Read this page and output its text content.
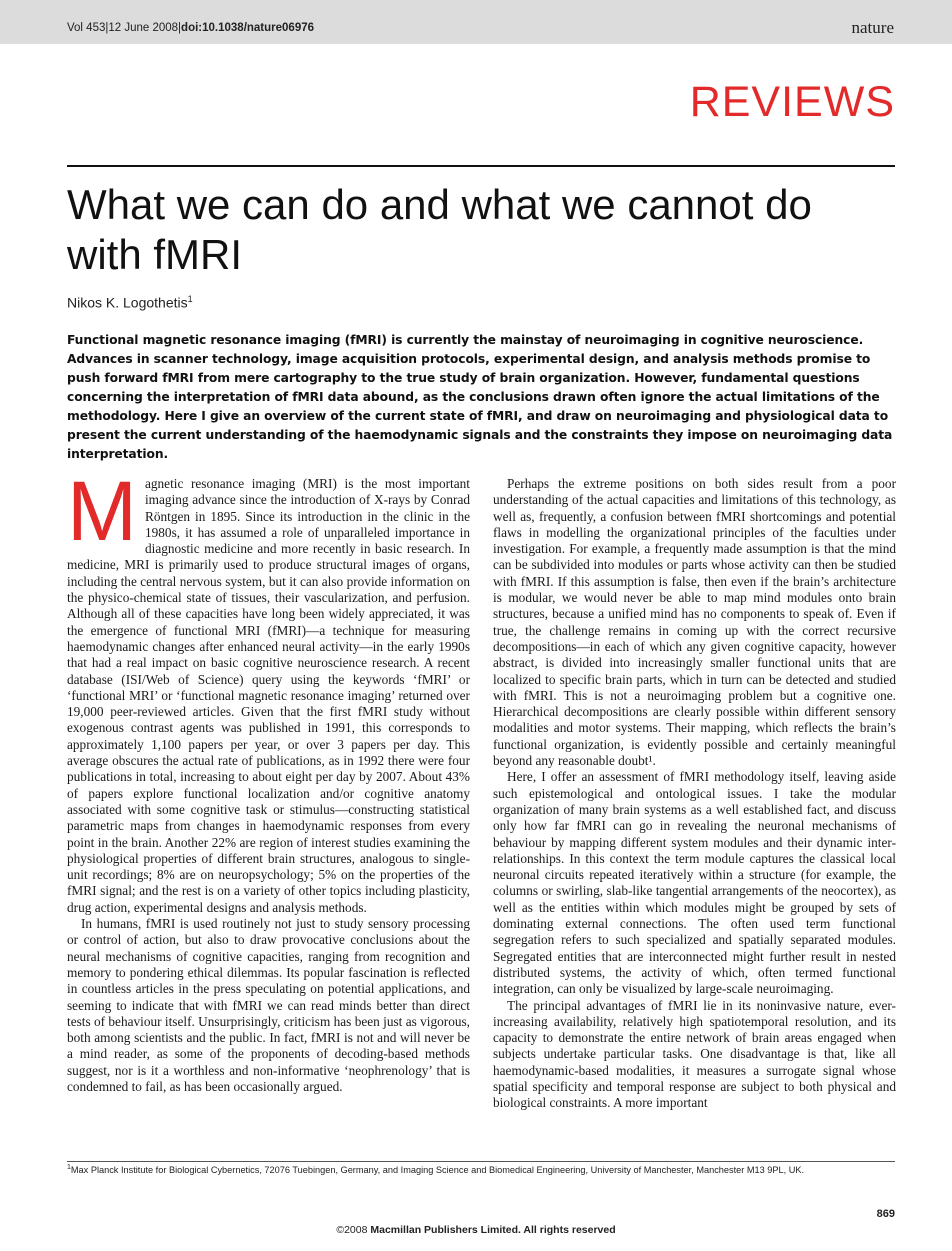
Vol 453|12 June 2008|doi:10.1038/nature06976	nature
REVIEWS
What we can do and what we cannot do with fMRI
Nikos K. Logothetis$^1$

Functional magnetic resonance imaging (fMRI) is currently the mainstay of neuroimaging in cognitive neuroscience. Advances in scanner technology, image acquisition protocols, experimental design, and analysis methods promise to push forward fMRI from mere cartography to the true study of brain organization. However, fundamental questions concerning the interpretation of fMRI data abound, as the conclusions drawn often ignore the actual limitations of the methodology. Here I give an overview of the current state of fMRI, and draw on neuroimaging and physiological data to present the current understanding of the haemodynamic signals and the constraints they impose on neuroimaging data interpretation.

Magnetic resonance imaging (MRI) is the most important imaging advance since the introduction of X-rays by Conrad Röntgen in 1895. Since its introduction in the clinic in the 1980s, it has assumed a role of unparalleled importance in diagnostic medicine and more recently in basic research. In medicine, MRI is primarily used to produce structural images of organs, including the central nervous system, but it can also provide information on the physico-chemical state of tissues, their vascularization, and perfusion. Although all of these capacities have long been widely appreciated, it was the emergence of functional MRI (fMRI)—a technique for measuring haemodynamic changes after enhanced neural activity—in the early 1990s that had a real impact on basic cognitive neuroscience research. A recent database (ISI/Web of Science) query using the keywords ‘fMRI’ or ‘functional MRI’ or ‘functional magnetic resonance imaging’ returned over 19,000 peer-reviewed articles. Given that the first fMRI study without exogenous contrast agents was published in 1991, this corresponds to approximately 1,100 papers per year, or over 3 papers per day. This average obscures the actual rate of publications, as in 1992 there were four publications in total, increasing to about eight per day by 2007. About 43% of papers explore functional localization and/or cognitive anatomy associated with some cognitive task or stimulus—constructing statistical parametric maps from changes in haemodynamic responses from every point in the brain. Another 22% are region of interest studies examining the physiological properties of different brain structures, analogous to single-unit recordings; 8% are on neuropsychology; 5% on the properties of the fMRI signal; and the rest is on a variety of other topics including plasticity, drug action, experimental designs and analysis methods.

In humans, fMRI is used routinely not just to study sensory processing or control of action, but also to draw provocative conclusions about the neural mechanisms of cognitive capacities, ranging from recognition and memory to pondering ethical dilemmas. Its popular fascination is reflected in countless articles in the press speculating on potential applications, and seeming to indicate that with fMRI we can read minds better than direct tests of behaviour itself. Unsurprisingly, criticism has been just as vigorous, both among scientists and the public. In fact, fMRI is not and will never be a mind reader, as some of the proponents of decoding-based methods suggest, nor is it a worthless and non-informative ‘neophrenology’ that is condemned to fail, as has been occasionally argued.

Perhaps the extreme positions on both sides result from a poor understanding of the actual capacities and limitations of this technology, as well as, frequently, a confusion between fMRI shortcomings and potential flaws in modelling the organizational principles of the faculties under investigation. For example, a frequently made assumption is that the mind can be subdivided into modules or parts whose activity can then be studied with fMRI. If this assumption is false, then even if the brain’s architecture is modular, we would never be able to map mind modules onto brain structures, because a unified mind has no components to speak of. Even if true, the challenge remains in coming up with the correct recursive decompositions—in each of which any given cognitive capacity, however abstract, is divided into increasingly smaller functional units that are localized to specific brain parts, which in turn can be detected and studied with fMRI. This is not a neuroimaging problem but a cognitive one. Hierarchical decompositions are clearly possible within different sensory modalities and motor systems. Their mapping, which reflects the brain’s functional organization, is evidently possible and certainly meaningful beyond any reasonable doubt¹.

Here, I offer an assessment of fMRI methodology itself, leaving aside such epistemological and ontological issues. I take the modular organization of many brain systems as a well established fact, and discuss only how far fMRI can go in revealing the neuronal mechanisms of behaviour by mapping different system modules and their dynamic inter-relationships. In this context the term module captures the classical local neuronal circuits repeated iteratively within a structure (for example, the columns or swirling, slab-like tangential arrangements of the neocortex), as well as the entities within which modules might be grouped by sets of dominating external connections. The often used term functional segregation refers to such specialized and spatially separated modules. Segregated entities that are interconnected might further result in nested distributed systems, the activity of which, often termed functional integration, can only be visualized by large-scale neuroimaging.

The principal advantages of fMRI lie in its noninvasive nature, ever-increasing availability, relatively high spatiotemporal resolution, and its capacity to demonstrate the entire network of brain areas engaged when subjects undertake particular tasks. One disadvantage is that, like all haemodynamic-based modalities, it measures a surrogate signal whose spatial specificity and temporal response are subject to both physical and biological constraints. A more important

$^1$Max Planck Institute for Biological Cybernetics, 72076 Tuebingen, Germany, and Imaging Science and Biomedical Engineering, University of Manchester, Manchester M13 9PL, UK.
869
©2008 Macmillan Publishers Limited. All rights reserved
